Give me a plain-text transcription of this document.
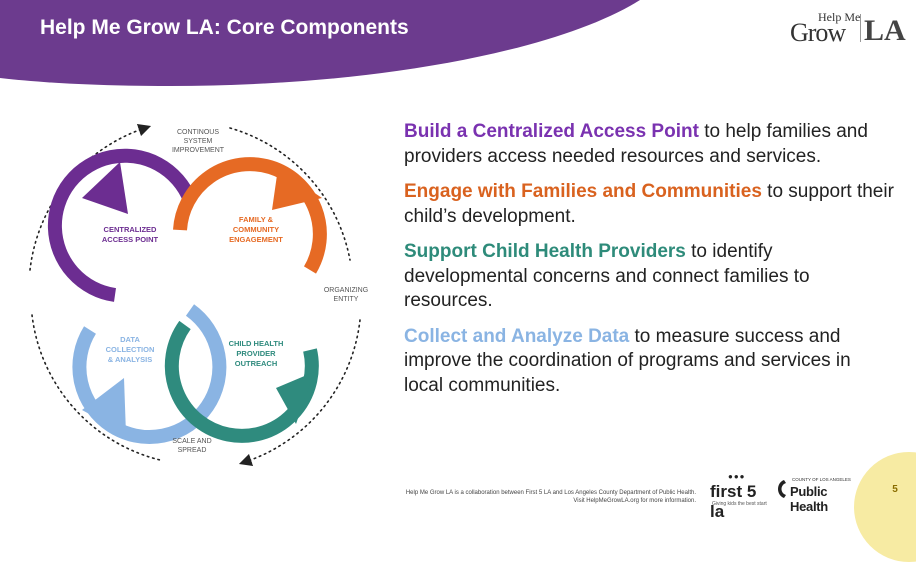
Help Me Grow LA: Core Components	Help Me
Grow LA
CONTINOUS
SYSTEM
IMPROVEMENT
ORGANIZING
ENTITY
SCALE AND
SPREAD
CENTRALIZED
ACCESS POINT
FAMILY &
COMMUNITY
ENGAGEMENT
DATA
COLLECTION
& ANALYSIS
CHILD HEALTH
PROVIDER
OUTREACH
Build a Centralized Access Point to help families and providers access needed resources and services.
Engage with Families and Communities to support their child’s development.
Support Child Health Providers to identify developmental concerns and connect families to resources.
Collect and Analyze Data to measure success and improve the coordination of programs and services in local communities.
Help Me Grow LA is a collaboration between First 5 LA and Los Angeles County Department of Public Health.
Visit HelpMeGrowLA.org for more information.
●●●
first 5 la
Giving kids the best start
COUNTY OF LOS ANGELES
Public Health
5
